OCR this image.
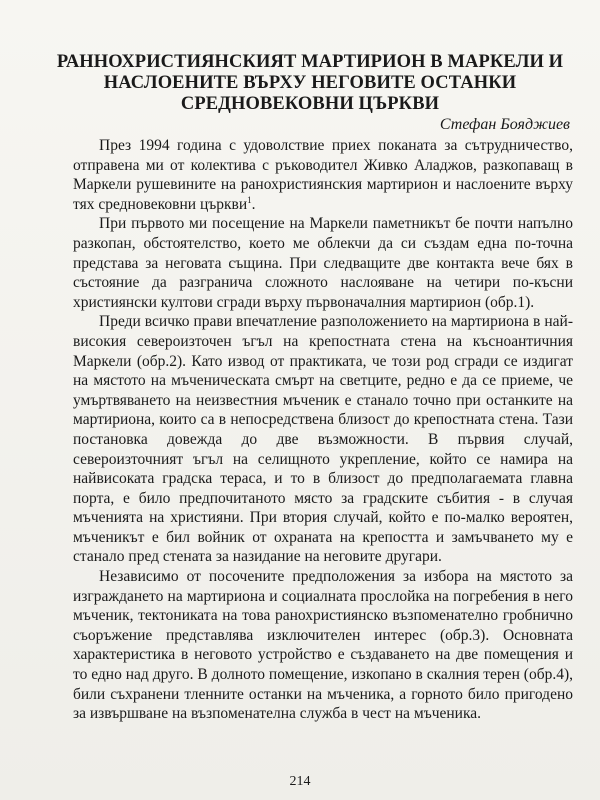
РАННОХРИСТИЯНСКИЯТ МАРТИРИОН В МАРКЕЛИ И
НАСЛОЕНИТЕ ВЪРХУ НЕГОВИТЕ ОСТАНКИ
СРЕДНОВЕКОВНИ ЦЪРКВИ
Стефан Бояджиев

През 1994 година с удоволствие приех поканата за сътрудничество, отправена ми от колектива с ръководител Живко Аладжов, разкопаващ в Маркели рушевините на ранохристиянския мартирион и наслоените върху тях средновековни църкви$^1$.

При първото ми посещение на Маркели паметникът бе почти напълно разкопан, обстоятелство, което ме облекчи да си създам една по-точна представа за неговата същина. При следващите две контакта вече бях в състояние да разгранича сложното наслояване на четири по-късни християнски култови сгради върху първоначалния мартирион (обр.1).

Преди всичко прави впечатление разположението на мартириона в най-високия североизточен ъгъл на крепостната стена на късноантичния Маркели (обр.2). Като извод от практиката, че този род сгради се издигат на мястото на мъченическата смърт на светците, редно е да се приеме, че умъртвяването на неизвестния мъченик е станало точно при останките на мартириона, които са в непосредствена близост до крепостната стена. Тази постановка довежда до две възможности. В първия случай, североизточният ъгъл на селищното укрепление, който се намира на найвисоката градска тераса, и то в близост до предполагаемата главна порта, е било предпочитаното място за градските събития - в случая мъченията на християни. При втория случай, който е по-малко вероятен, мъченикът е бил войник от охраната на крепостта и замъчването му е станало пред стената за назидание на неговите другари.

Независимо от посочените предположения за избора на мястото за изграждането на мартириона и социалната прослойка на погребения в него мъченик, тектониката на това ранохристиянско възпоменателно гробнично съоръжение представлява изключителен интерес (обр.3). Основната характеристика в неговото устройство е създаването на две помещения и то едно над друго. В долното помещение, изкопано в скалния терен (обр.4), били съхранени тленните останки на мъченика, а горното било пригодено за извършване на възпоменателна служба в чест на мъченика.

214
